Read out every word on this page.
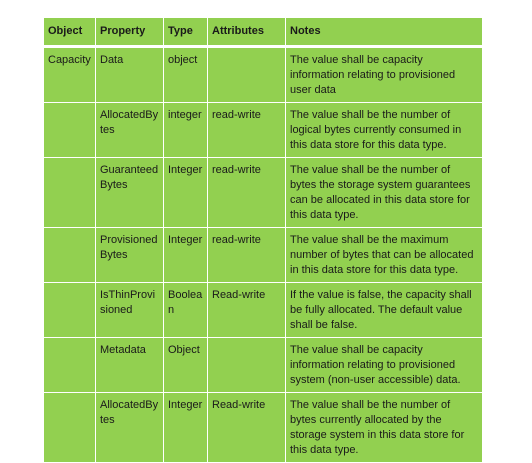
Object	Property	Type	Attributes	Notes
Capacity	Data	object		The value shall be capacity information relating to provisioned user data
	AllocatedBytes	integer	read-write	The value shall be the number of logical bytes currently consumed in this data store for this data type.
	GuaranteedBytes	Integer	read-write	The value shall be the number of bytes the storage system guarantees can be allocated in this data store for this data type.
	ProvisionedBytes	Integer	read-write	The value shall be the maximum number of bytes that can be allocated in this data store for this data type.
	IsThinProvisioned	Boolean	Read-write	If the value is false, the capacity shall be fully allocated. The default value shall be false.
	Metadata	Object		The value shall be capacity information relating to provisioned system (non-user accessible) data.
	AllocatedBytes	Integer	Read-write	The value shall be the number of bytes currently allocated by the storage system in this data store for this data type.
